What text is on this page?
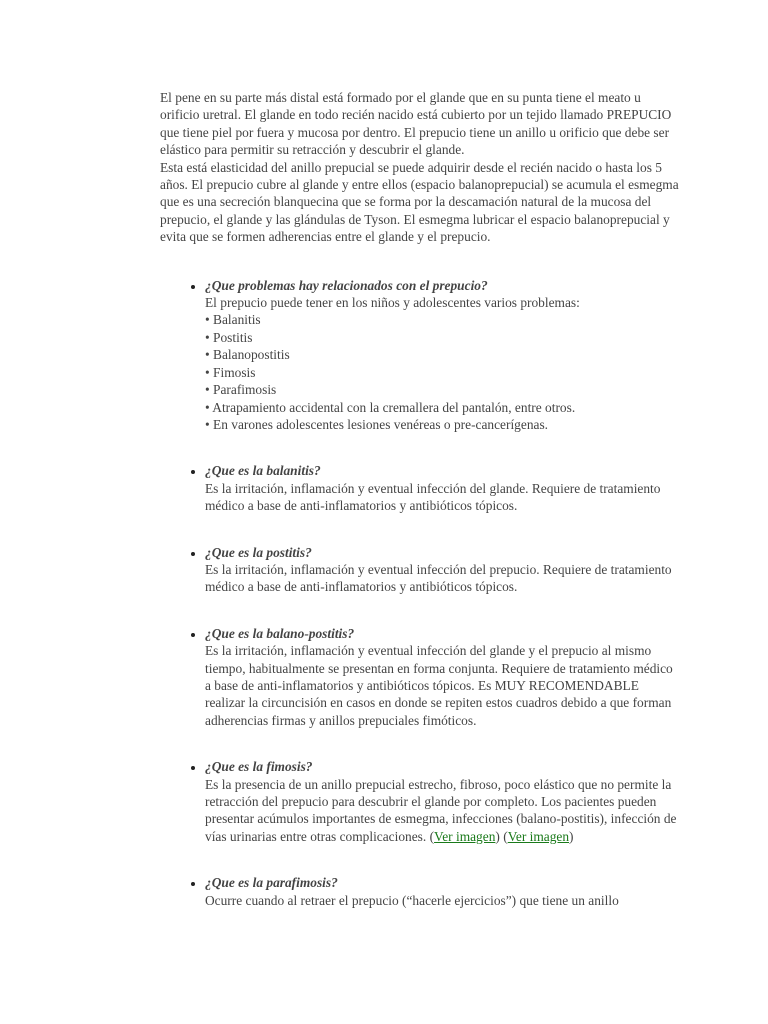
El pene en su parte más distal está formado por el glande que en su punta tiene el meato u orificio uretral. El glande en todo recién nacido está cubierto por un tejido llamado PREPUCIO que tiene piel por fuera y mucosa por dentro. El prepucio tiene un anillo u orificio que debe ser elástico para permitir su retracción y descubrir el glande.

Esta está elasticidad del anillo prepucial se puede adquirir desde el recién nacido o hasta los 5 años. El prepucio cubre al glande y entre ellos (espacio balanoprepucial) se acumula el esmegma que es una secreción blanquecina que se forma por la descamación natural de la mucosa del prepucio, el glande y las glándulas de Tyson. El esmegma lubricar el espacio balanoprepucial y evita que se formen adherencias entre el glande y el prepucio.

• ¿Que problemas hay relacionados con el prepucio?
El prepucio puede tener en los niños y adolescentes varios problemas:
• Balanitis
• Postitis
• Balanopostitis
• Fimosis
• Parafimosis
• Atrapamiento accidental con la cremallera del pantalón, entre otros.
• En varones adolescentes lesiones venéreas o pre-cancerígenas.
• ¿Que es la balanitis?
Es la irritación, inflamación y eventual infección del glande. Requiere de tratamiento médico a base de anti-inflamatorios y antibióticos tópicos.
• ¿Que es la postitis?
Es la irritación, inflamación y eventual infección del prepucio. Requiere de tratamiento médico a base de anti-inflamatorios y antibióticos tópicos.
• ¿Que es la balano-postitis?
Es la irritación, inflamación y eventual infección del glande y el prepucio al mismo tiempo, habitualmente se presentan en forma conjunta. Requiere de tratamiento médico a base de anti-inflamatorios y antibióticos tópicos. Es MUY RECOMENDABLE realizar la circuncisión en casos en donde se repiten estos cuadros debido a que forman adherencias firmas y anillos prepuciales fimóticos.
• ¿Que es la fimosis?
Es la presencia de un anillo prepucial estrecho, fibroso, poco elástico que no permite la retracción del prepucio para descubrir el glande por completo. Los pacientes pueden presentar acúmulos importantes de esmegma, infecciones (balano-postitis), infección de vías urinarias entre otras complicaciones. (Ver imagen) (Ver imagen)
• ¿Que es la parafimosis?
Ocurre cuando al retraer el prepucio (“hacerle ejercicios”) que tiene un anillo
